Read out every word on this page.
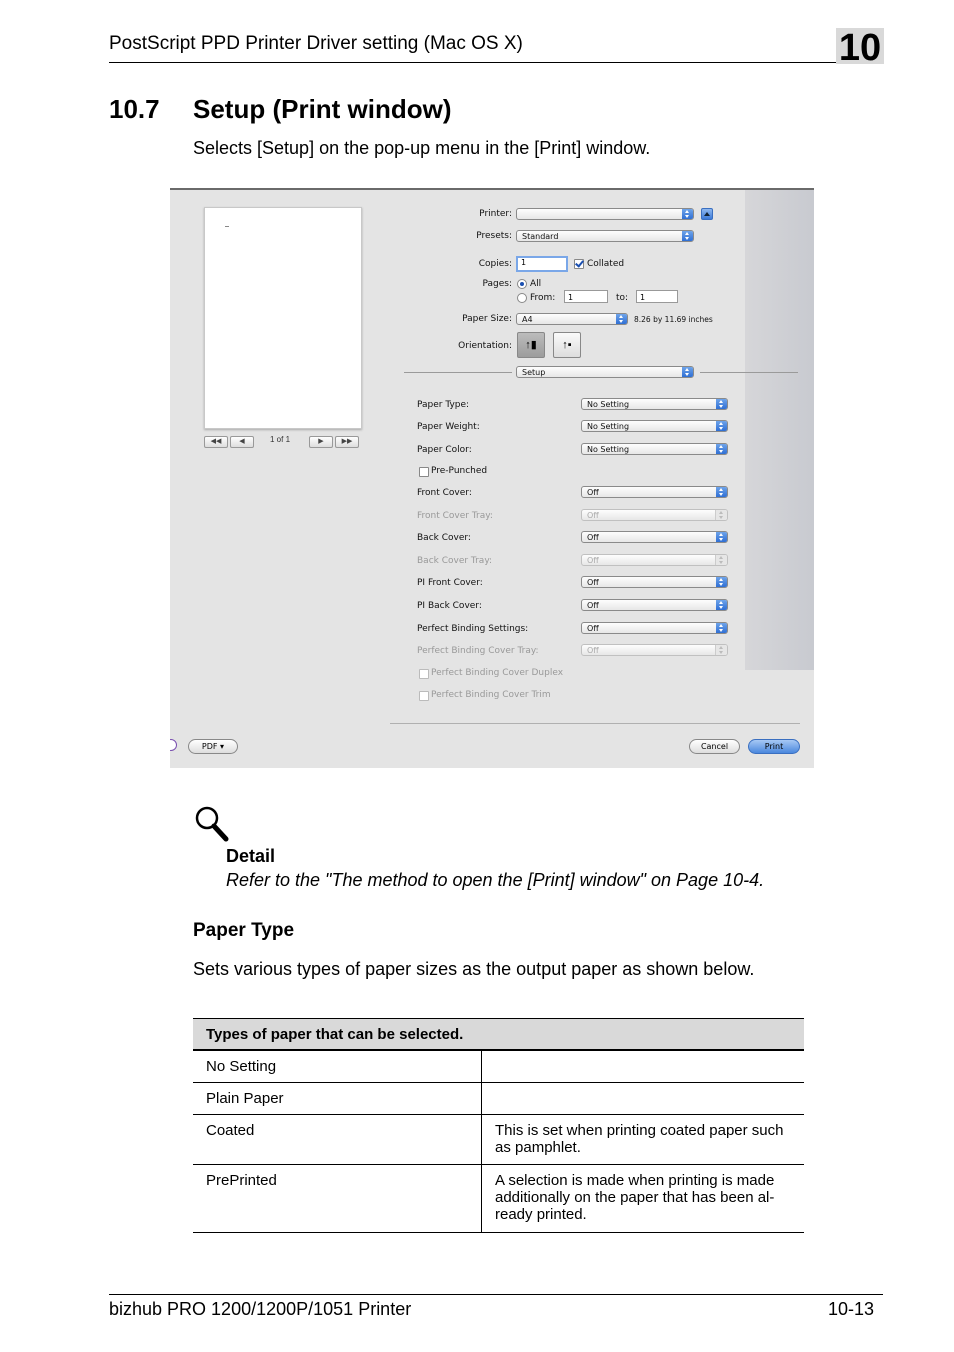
PostScript PPD Printer Driver setting (Mac OS X)	10
10.7 Setup (Print window)
Selects [Setup] on the pop-up menu in the [Print] window.
◀◀	◀	1 of 1	▶	▶▶
Printer:
Presets:	Standard
Copies:	1	Collated
Pages: All
From:	1	to:	1
Paper Size:	A4	8.26 by 11.69 inches
Orientation:	↑▮	↑▪
Setup
Paper Type:	No Setting
Paper Weight:	No Setting
Paper Color:	No Setting
Front Cover:	Off
Front Cover Tray:	Off
Back Cover:	Off
Back Cover Tray:	Off
PI Front Cover:	Off
PI Back Cover:	Off
Perfect Binding Settings:	Off
Perfect Binding Cover Tray:	Off
Pre-Punched
Perfect Binding Cover Duplex
Perfect Binding Cover Trim
PDF ▾	Cancel	Print
Detail
Refer to the "The method to open the [Print] window" on Page 10-4.
Paper Type
Sets various types of paper sizes as the output paper as shown below.
Types of paper that can be selected.	
No Setting	
Plain Paper	
Coated	This is set when printing coated paper such as pamphlet.
PrePrinted	A selection is made when printing is made additionally on the paper that has been al-ready printed.
bizhub PRO 1200/1200P/1051 Printer	10-13
